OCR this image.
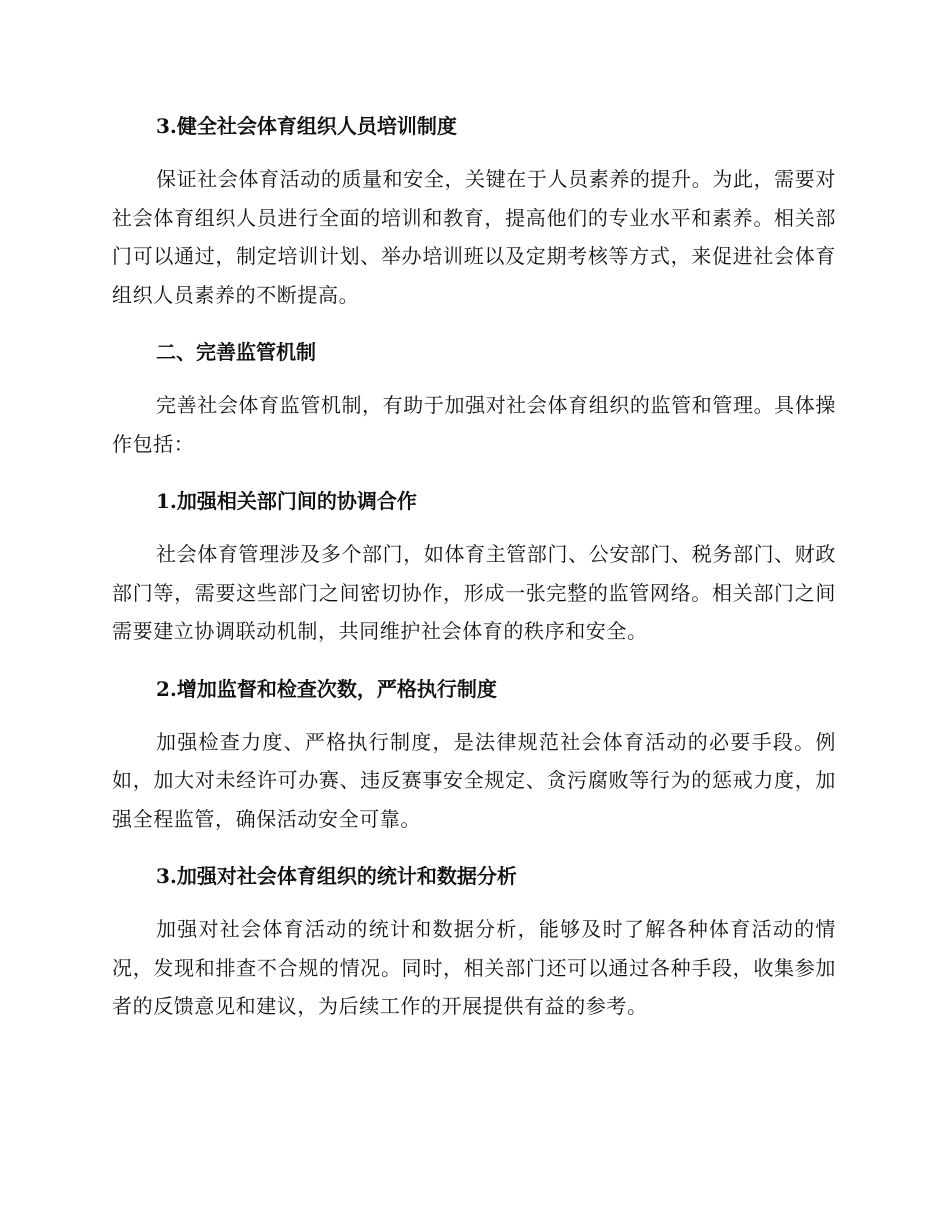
3.健全社会体育组织人员培训制度

保证社会体育活动的质量和安全，关键在于人员素养的提升。为此，需要对社会体育组织人员进行全面的培训和教育，提高他们的专业水平和素养。相关部门可以通过，制定培训计划、举办培训班以及定期考核等方式，来促进社会体育组织人员素养的不断提高。

二、完善监管机制

完善社会体育监管机制，有助于加强对社会体育组织的监管和管理。具体操作包括：

1.加强相关部门间的协调合作

社会体育管理涉及多个部门，如体育主管部门、公安部门、税务部门、财政部门等，需要这些部门之间密切协作，形成一张完整的监管网络。相关部门之间需要建立协调联动机制，共同维护社会体育的秩序和安全。

2.增加监督和检查次数，严格执行制度

加强检查力度、严格执行制度，是法律规范社会体育活动的必要手段。例如，加大对未经许可办赛、违反赛事安全规定、贪污腐败等行为的惩戒力度，加强全程监管，确保活动安全可靠。

3.加强对社会体育组织的统计和数据分析

加强对社会体育活动的统计和数据分析，能够及时了解各种体育活动的情况，发现和排查不合规的情况。同时，相关部门还可以通过各种手段，收集参加者的反馈意见和建议，为后续工作的开展提供有益的参考。
